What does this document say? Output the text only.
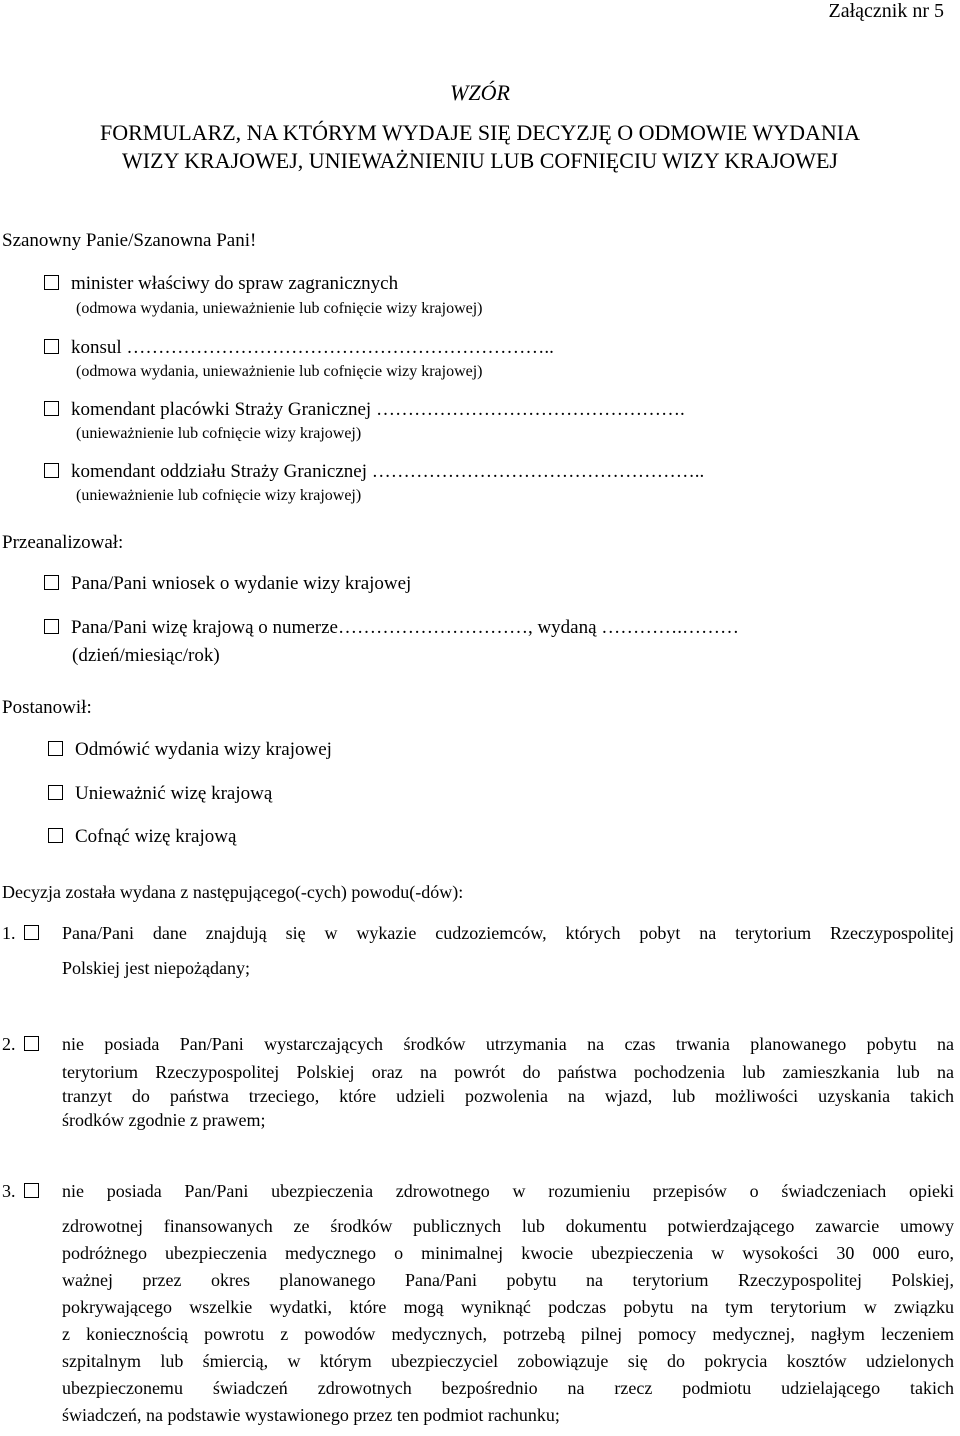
Załącznik nr 5
WZÓR
FORMULARZ, NA KTÓRYM WYDAJE SIĘ DECYZJĘ O ODMOWIE WYDANIA
WIZY KRAJOWEJ, UNIEWAŻNIENIU LUB COFNIĘCIU WIZY KRAJOWEJ
Szanowny Panie/Szanowna Pani!
minister właściwy do spraw zagranicznych
(odmowa wydania, unieważnienie lub cofnięcie wizy krajowej)
konsul …………………………………………………………..
(odmowa wydania, unieważnienie lub cofnięcie wizy krajowej)
komendant placówki Straży Granicznej ………………………………………….
(unieważnienie lub cofnięcie wizy krajowej)
komendant oddziału Straży Granicznej ……………………………………………..
(unieważnienie lub cofnięcie wizy krajowej)
Przeanalizował:
Pana/Pani wniosek o wydanie wizy krajowej
Pana/Pani wizę krajową o numerze…………………………, wydaną ………….………
(dzień/miesiąc/rok)
Postanowił:
Odmówić wydania wizy krajowej
Unieważnić wizę krajową
Cofnąć wizę krajową
Decyzja została wydana z następującego(-cych) powodu(-dów):
1.	Pana/Pani dane znajdują się w wykazie cudzoziemców, których pobyt na terytorium Rzeczypospolitej
Polskiej jest niepożądany;
2.	nie posiada Pan/Pani wystarczających środków utrzymania na czas trwania planowanego pobytu na
terytorium Rzeczypospolitej Polskiej oraz na powrót do państwa pochodzenia lub zamieszkania lub na
tranzyt do państwa trzeciego, które udzieli pozwolenia na wjazd, lub możliwości uzyskania takich
środków zgodnie z prawem;
3.	nie posiada Pan/Pani ubezpieczenia zdrowotnego w rozumieniu przepisów o świadczeniach opieki
zdrowotnej finansowanych ze środków publicznych lub dokumentu potwierdzającego zawarcie umowy
podróżnego ubezpieczenia medycznego o minimalnej kwocie ubezpieczenia w wysokości 30 000 euro,
ważnej przez okres planowanego Pana/Pani pobytu na terytorium Rzeczypospolitej Polskiej,
pokrywającego wszelkie wydatki, które mogą wyniknąć podczas pobytu na tym terytorium w związku
z koniecznością powrotu z powodów medycznych, potrzebą pilnej pomocy medycznej, nagłym leczeniem
szpitalnym lub śmiercią, w którym ubezpieczyciel zobowiązuje się do pokrycia kosztów udzielonych
ubezpieczonemu świadczeń zdrowotnych bezpośrednio na rzecz podmiotu udzielającego takich
świadczeń, na podstawie wystawionego przez ten podmiot rachunku;
